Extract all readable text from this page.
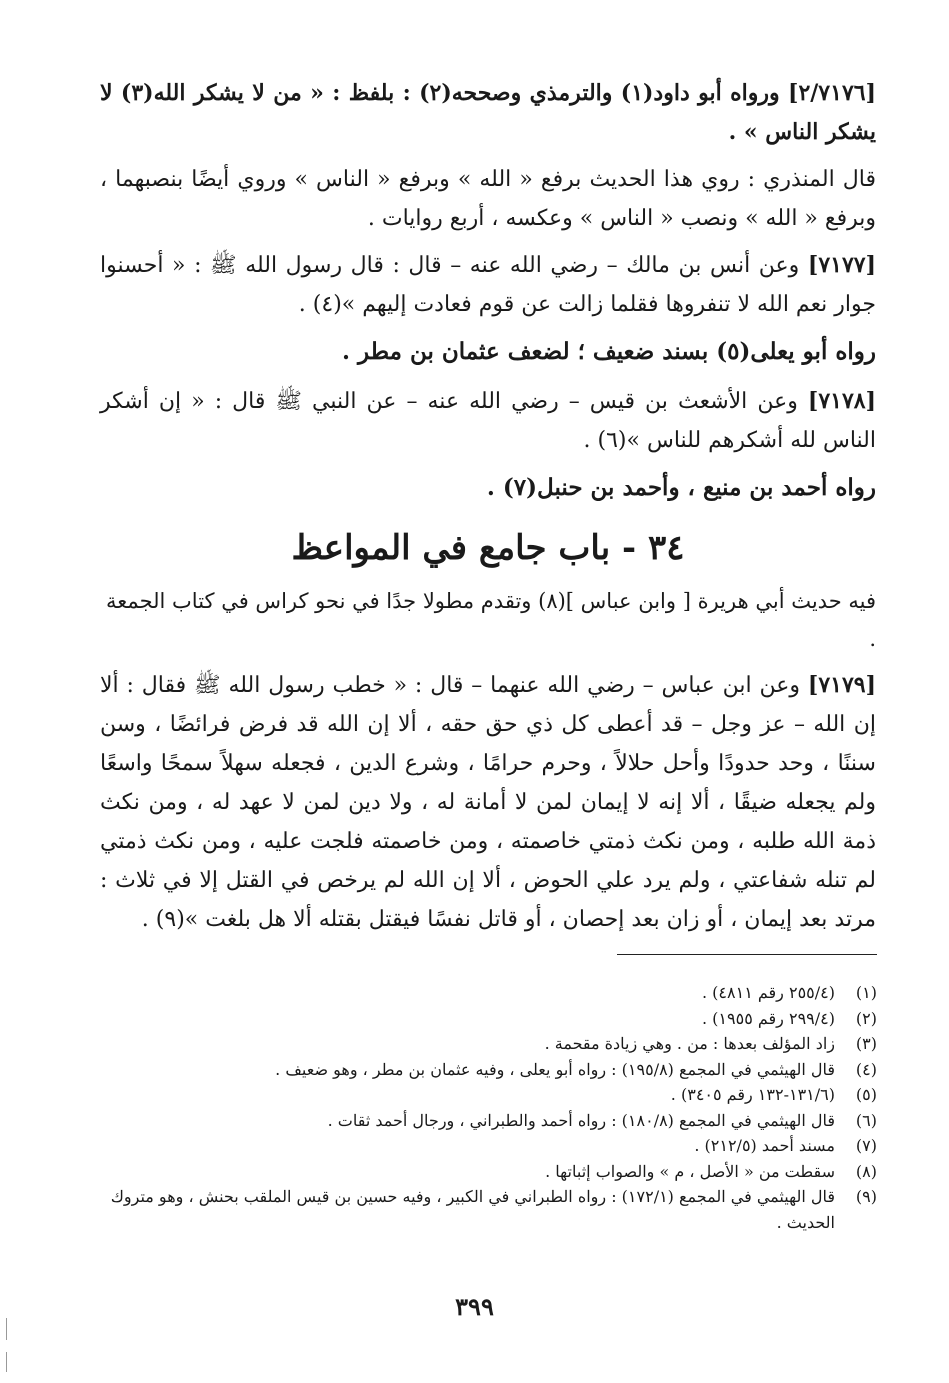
[٢/٧١٧٦] ورواه أبو داود(١) والترمذي وصححه(٢) : بلفظ : « من لا يشكر الله(٣) لا يشكر الناس » .

قال المنذري : روي هذا الحديث برفع « الله » وبرفع « الناس » وروي أيضًا بنصبهما ، وبرفع « الله » ونصب « الناس » وعكسه ، أربع روايات .

[٧١٧٧] وعن أنس بن مالك – رضي الله عنه – قال : قال رسول الله ﷺ : « أحسنوا جوار نعم الله لا تنفروها فقلما زالت عن قوم فعادت إليهم »(٤) .

رواه أبو يعلى(٥) بسند ضعيف ؛ لضعف عثمان بن مطر .

[٧١٧٨] وعن الأشعث بن قيس – رضي الله عنه – عن النبي ﷺ قال : « إن أشكر الناس لله أشكرهم للناس »(٦) .

رواه أحمد بن منيع ، وأحمد بن حنبل(٧) .

٣٤ - باب جامع في المواعظ

فيه حديث أبي هريرة [ وابن عباس ](٨) وتقدم مطولا جدًا في نحو كراس في كتاب الجمعة .

[٧١٧٩] وعن ابن عباس – رضي الله عنهما – قال : « خطب رسول الله ﷺ فقال : ألا إن الله – عز وجل – قد أعطى كل ذي حق حقه ، ألا إن الله قد فرض فرائضًا ، وسن سننًا ، وحد حدودًا وأحل حلالاً ، وحرم حرامًا ، وشرع الدين ، فجعله سهلاً سمحًا واسعًا ولم يجعله ضيقًا ، ألا إنه لا إيمان لمن لا أمانة له ، ولا دين لمن لا عهد له ، ومن نكث ذمة الله طلبه ، ومن نكث ذمتي خاصمته ، ومن خاصمته فلجت عليه ، ومن نكث ذمتي لم تنله شفاعتي ، ولم يرد علي الحوض ، ألا إن الله لم يرخص في القتل إلا في ثلاث : مرتد بعد إيمان ، أو زان بعد إحصان ، أو قاتل نفسًا فيقتل بقتله ألا هل بلغت »(٩) .

(١)
(٢٥٥/٤ رقم ٤٨١١) .
(٢)
(٢٩٩/٤ رقم ١٩٥٥) .
(٣)
زاد المؤلف بعدها : من . وهي زيادة مقحمة .
(٤)
قال الهيثمي في المجمع (١٩٥/٨) : رواه أبو يعلى ، وفيه عثمان بن مطر ، وهو ضعيف .
(٥)
(١٣١/٦-١٣٢ رقم ٣٤٠٥) .
(٦)
قال الهيثمي في المجمع (١٨٠/٨) : رواه أحمد والطبراني ، ورجال أحمد ثقات .
(٧)
مسند أحمد (٢١٢/٥) .
(٨)
سقطت من « الأصل ، م » والصواب إثباتها .
(٩)
قال الهيثمي في المجمع (١٧٢/١) : رواه الطبراني في الكبير ، وفيه حسين بن قيس الملقب بحنش ، وهو متروك الحديث .
٣٩٩
